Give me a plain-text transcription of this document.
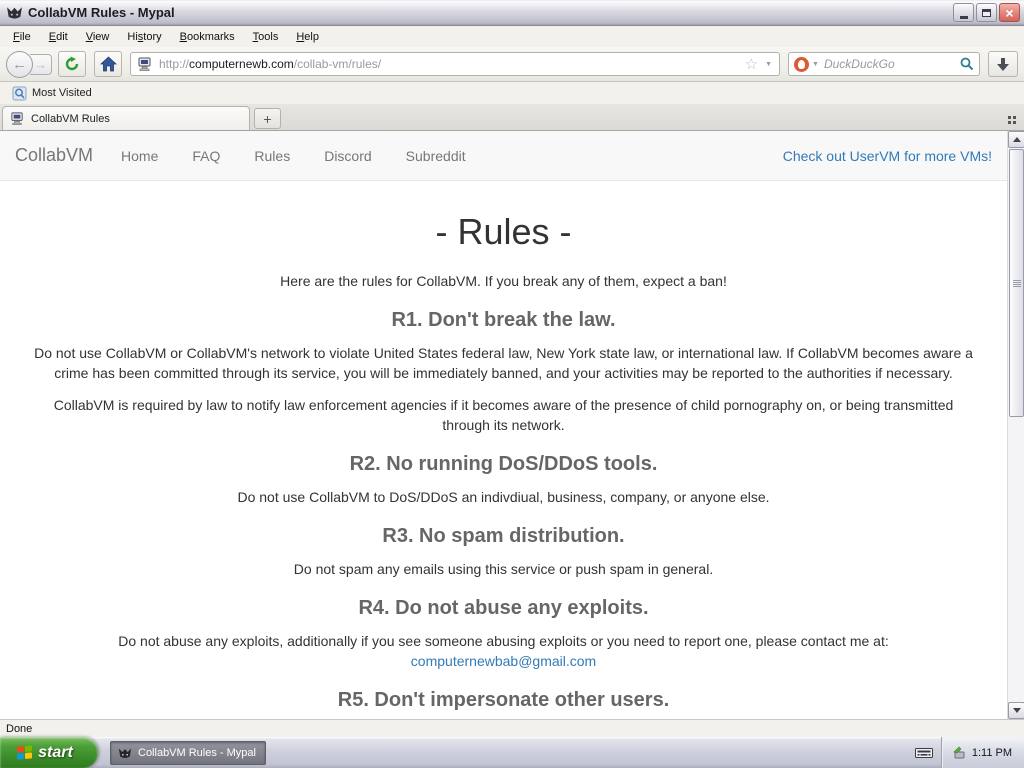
CollabVM Rules - Mypal	×
File	Edit	View	History	Bookmarks	Tools	Help
← →	http://computernewb.com/collab-vm/rules/	☆	▼	▼
DuckDuckGo
Most Visited
CollabVM Rules	+
CollabVM Home FAQ Rules Discord Subreddit	Check out UserVM for more VMs!
- Rules -

Here are the rules for CollabVM. If you break any of them, expect a ban!

R1. Don't break the law.

Do not use CollabVM or CollabVM's network to violate United States federal law, New York state law, or international law. If CollabVM becomes aware a crime has been committed through its service, you will be immediately banned, and your activities may be reported to the authorities if necessary.

CollabVM is required by law to notify law enforcement agencies if it becomes aware of the presence of child pornography on, or being transmitted through its network.

R2. No running DoS/DDoS tools.

Do not use CollabVM to DoS/DDoS an indivdiual, business, company, or anyone else.

R3. No spam distribution.

Do not spam any emails using this service or push spam in general.

R4. Do not abuse any exploits.

Do not abuse any exploits, additionally if you see someone abusing exploits or you need to report one, please contact me at:

computernewbab@gmail.com

R5. Don't impersonate other users.
Done
start	CollabVM Rules - Mypal	1:11 PM
